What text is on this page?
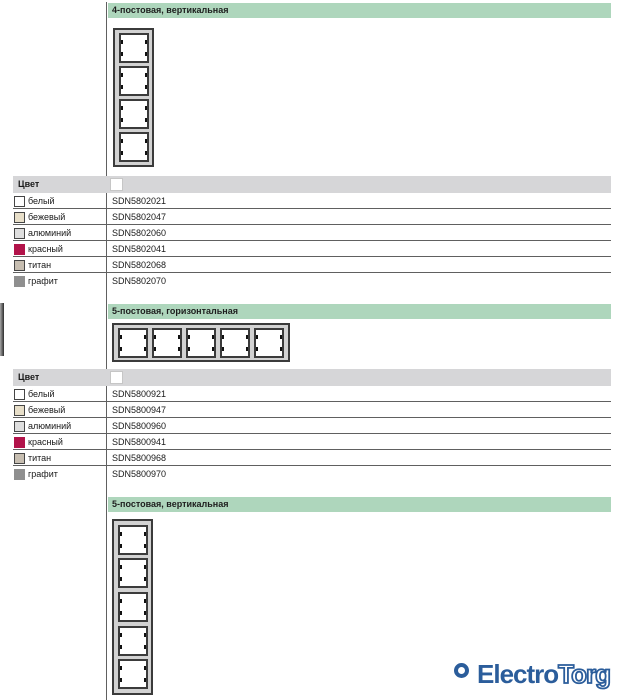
4-постовая, вертикальная
Цвет
белый	SDN5802021
бежевый	SDN5802047
алюминий	SDN5802060
красный	SDN5802041
титан	SDN5802068
графит	SDN5802070
5-постовая, горизонтальная
Цвет
белый	SDN5800921
бежевый	SDN5800947
алюминий	SDN5800960
красный	SDN5800941
титан	SDN5800968
графит	SDN5800970
5-постовая, вертикальная
ElectroTorg
